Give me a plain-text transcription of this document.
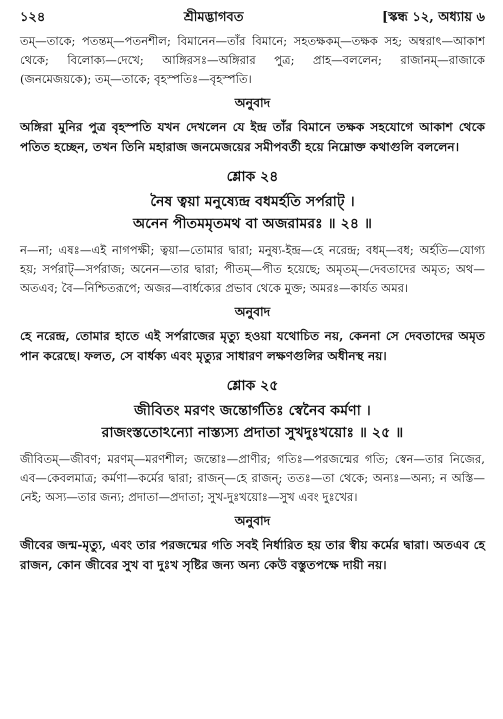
১২৪	শ্রীমদ্ভাগবত	[স্কন্ধ ১২, অধ্যায় ৬

তম্—তাকে; পতন্তম্—পতনশীল; বিমানেন—তাঁর বিমানে; সহতক্ষকম্—তক্ষক সহ; অম্বরাৎ—আকাশ থেকে; বিলোক্য—দেখে; আঙ্গিরসঃ—অঙ্গিরার পুত্র; প্রাহ—বললেন; রাজানম্—রাজাকে (জনমেজয়কে); তম্—তাকে; বৃহস্পতিঃ—বৃহস্পতি।

অনুবাদ

অঙ্গিরা মুনির পুত্র বৃহস্পতি যখন দেখলেন যে ইন্দ্র তাঁর বিমানে তক্ষক সহযোগে আকাশ থেকে পতিত হচ্ছেন, তখন তিনি মহারাজ জনমেজয়ের সমীপবর্তী হয়ে নিম্নোক্ত কথাগুলি বললেন।

শ্লোক ২৪

নৈষ ত্বয়া মনুষ্যেন্দ্র বধমর্হতি সর্পরাট্ ।

অনেন পীতমমৃতমথ বা অজরামরঃ ॥ ২৪ ॥

ন—না; এষঃ—এই নাগপক্ষী; ত্বয়া—তোমার দ্বারা; মনুষ্য-ইন্দ্র—হে নরেন্দ্র; বধম্—বধ; অর্হতি—যোগ্য হয়; সর্পরাট্—সর্পরাজ; অনেন—তার দ্বারা; পীতম্—পীত হয়েছে; অমৃতম্—দেবতাদের অমৃত; অথ—অতএব; বৈ—নিশ্চিতরূপে; অজর—বার্ধক্যের প্রভাব থেকে মুক্ত; অমরঃ—কার্যত অমর।

অনুবাদ

হে নরেন্দ্র, তোমার হাতে এই সর্পরাজের মৃত্যু হওয়া যথোচিত নয়, কেননা সে দেবতাদের অমৃত পান করেছে। ফলত, সে বার্ধক্য এবং মৃত্যুর সাধারণ লক্ষণগুলির অধীনস্থ নয়।

শ্লোক ২৫

জীবিতং মরণং জন্তোর্গতিঃ স্বেনৈব কর্মণা ।

রাজংস্ততোঽন্যো নাস্ত্যস্য প্রদাতা সুখদুঃখয়োঃ ॥ ২৫ ॥

জীবিতম্—জীবণ; মরণম্—মরণশীল; জন্তোঃ—প্রাণীর; গতিঃ—পরজন্মের গতি; স্বেন—তার নিজের, এব—কেবলমাত্র; কর্মণা—কর্মের দ্বারা; রাজন্—হে রাজন্; ততঃ—তা থেকে; অন্যঃ—অন্য; ন অস্তি—নেই; অস্য—তার জন্য; প্রদাতা—প্রদাতা; সুখ-দুঃখয়োঃ—সুখ এবং দুঃখের।

অনুবাদ

জীবের জন্ম-মৃত্যু, এবং তার পরজন্মের গতি সবই নির্ধারিত হয় তার স্বীয় কর্মের দ্বারা। অতএব হে রাজন, কোন জীবের সুখ বা দুঃখ সৃষ্টির জন্য অন্য কেউ বস্তুতপক্ষে দায়ী নয়।
